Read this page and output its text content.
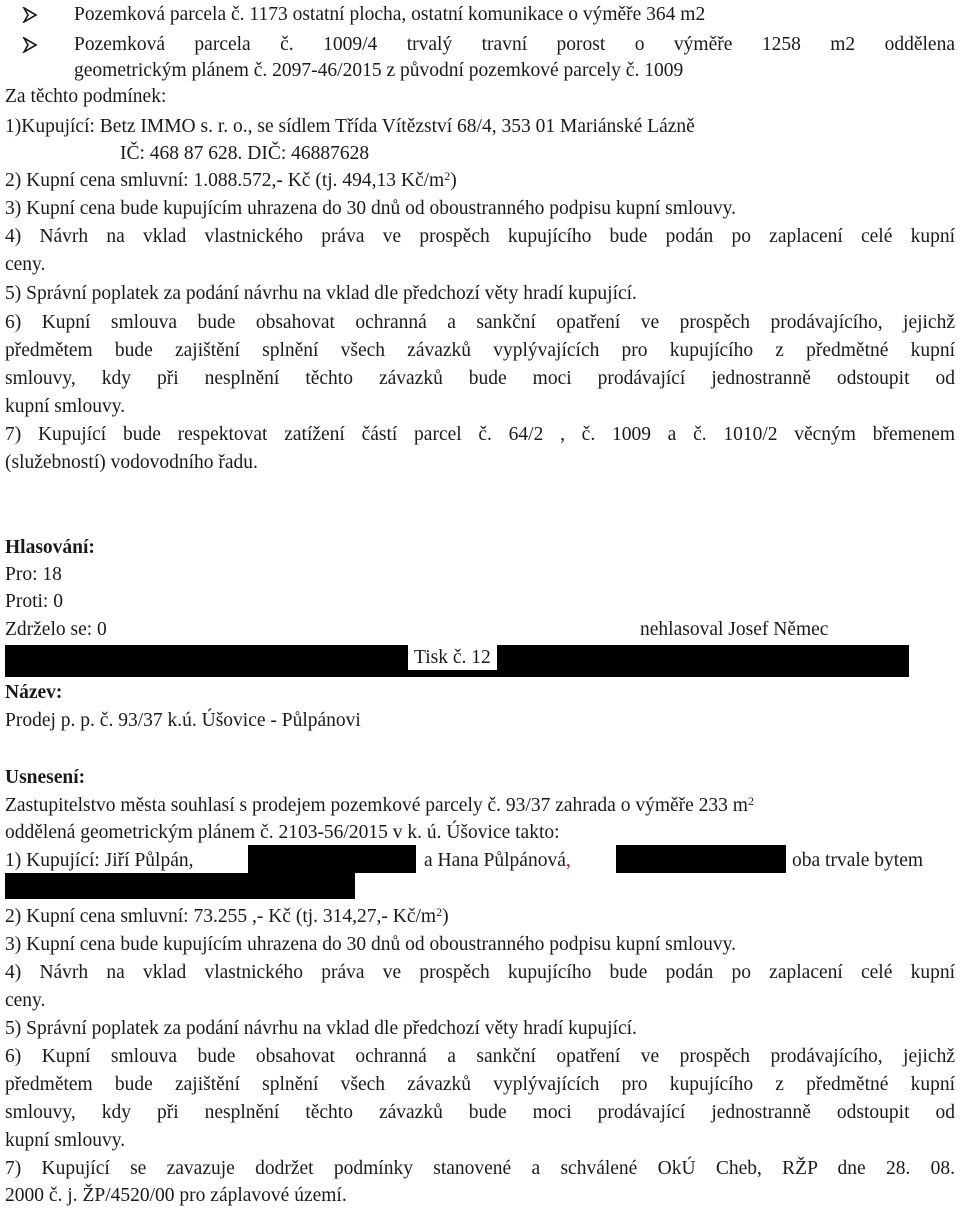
Pozemková parcela č. 1173 ostatní plocha, ostatní komunikace o výměře 364 m2
Pozemková parcela č. 1009/4 trvalý travní porost o výměře 1258 m2 oddělena
geometrickým plánem č. 2097-46/2015 z původní pozemkové parcely č. 1009
Za těchto podmínek:
1)Kupující: Betz IMMO s. r. o., se sídlem Třída Vítězství 68/4, 353 01 Mariánské Lázně
IČ: 468 87 628. DIČ: 46887628
2) Kupní cena smluvní: 1.088.572,- Kč (tj. 494,13 $Kč/m^2$)
3) Kupní cena bude kupujícím uhrazena do 30 dnů od oboustranného podpisu kupní smlouvy.
4) Návrh na vklad vlastnického práva ve prospěch kupujícího bude podán po zaplacení celé kupní
ceny.
5) Správní poplatek za podání návrhu na vklad dle předchozí věty hradí kupující.
6) Kupní smlouva bude obsahovat ochranná a sankční opatření ve prospěch prodávajícího, jejichž
předmětem bude zajištění splnění všech závazků vyplývajících pro kupujícího z předmětné kupní
smlouvy, kdy při nesplnění těchto závazků bude moci prodávající jednostranně odstoupit od
kupní smlouvy.
7) Kupující bude respektovat zatížení částí parcel č. 64/2 , č. 1009 a č. 1010/2 věcným břemenem
(služebností) vodovodního řadu.
Hlasování:
Pro: 18
Proti: 0
Zdrželo se: 0	nehlasoval Josef Němec
Tisk č. 12
Název:
Prodej p. p. č. 93/37 k.ú. Úšovice - Půlpánovi
Usnesení:
Zastupitelstvo města souhlasí s prodejem pozemkové parcely č. 93/37 zahrada o výměře 233 $m^2$
oddělená geometrickým plánem č. 2103-56/2015 v k. ú. Úšovice takto:
1) Kupující: Jiří Půlpán,	a Hana Půlpánová,	oba trvale bytem
2) Kupní cena smluvní: 73.255 ,- Kč (tj. 314,27,- $Kč/m^2$)
3) Kupní cena bude kupujícím uhrazena do 30 dnů od oboustranného podpisu kupní smlouvy.
4) Návrh na vklad vlastnického práva ve prospěch kupujícího bude podán po zaplacení celé kupní
ceny.
5) Správní poplatek za podání návrhu na vklad dle předchozí věty hradí kupující.
6) Kupní smlouva bude obsahovat ochranná a sankční opatření ve prospěch prodávajícího, jejichž
předmětem bude zajištění splnění všech závazků vyplývajících pro kupujícího z předmětné kupní
smlouvy, kdy při nesplnění těchto závazků bude moci prodávající jednostranně odstoupit od
kupní smlouvy.
7) Kupující se zavazuje dodržet podmínky stanovené a schválené OkÚ Cheb, RŽP dne 28. 08.
2000 č. j. ŽP/4520/00 pro záplavové území.
